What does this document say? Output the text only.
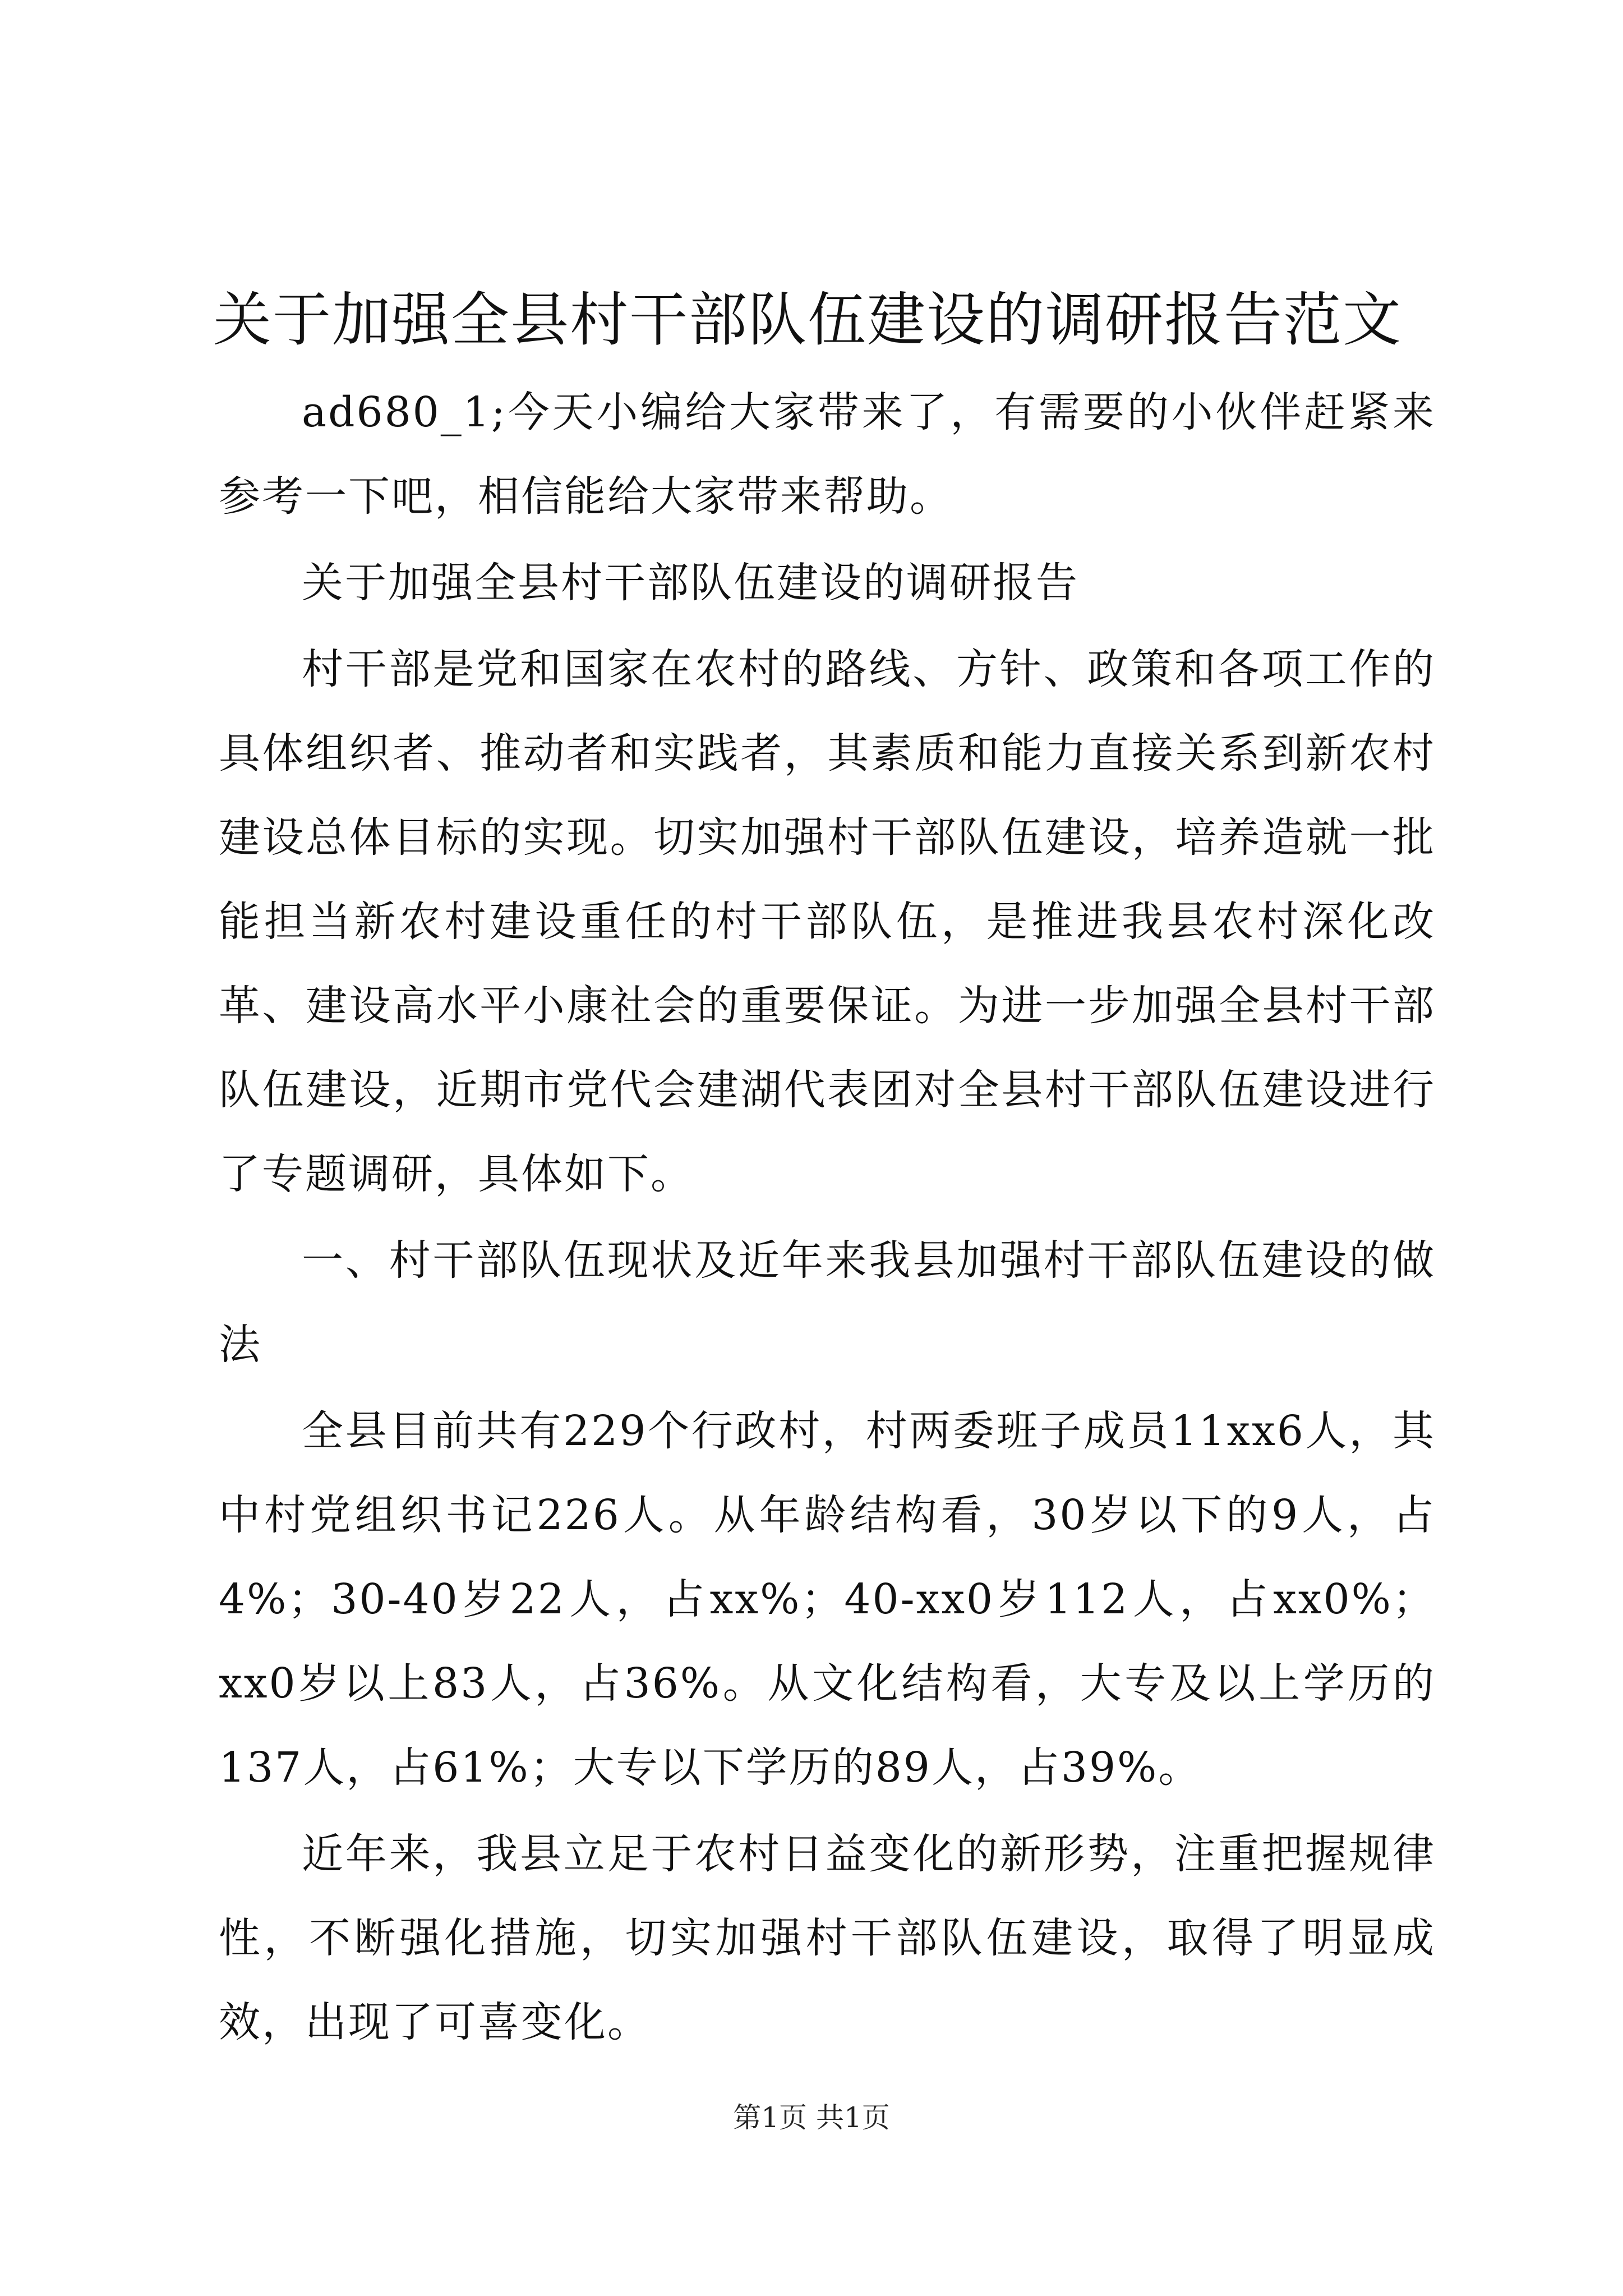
关于加强全县村干部队伍建设的调研报告范文

ad680_1;今天小编给大家带来了，有需要的小伙伴赶紧来参考一下吧，相信能给大家带来帮助。

关于加强全县村干部队伍建设的调研报告

村干部是党和国家在农村的路线、方针、政策和各项工作的具体组织者、推动者和实践者，其素质和能力直接关系到新农村建设总体目标的实现。切实加强村干部队伍建设，培养造就一批能担当新农村建设重任的村干部队伍，是推进我县农村深化改革、建设高水平小康社会的重要保证。为进一步加强全县村干部队伍建设，近期市党代会建湖代表团对全县村干部队伍建设进行了专题调研，具体如下。

一、村干部队伍现状及近年来我县加强村干部队伍建设的做法

全县目前共有229个行政村，村两委班子成员11xx6人，其中村党组织书记226人。从年龄结构看，30岁以下的9人，占4%；30-40岁22人，占xx%；40-xx0岁112人，占xx0%；xx0岁以上83人，占36%。从文化结构看，大专及以上学历的137人，占61%；大专以下学历的89人，占39%。

近年来，我县立足于农村日益变化的新形势，注重把握规律性，不断强化措施，切实加强村干部队伍建设，取得了明显成效，出现了可喜变化。

第1页 共1页
